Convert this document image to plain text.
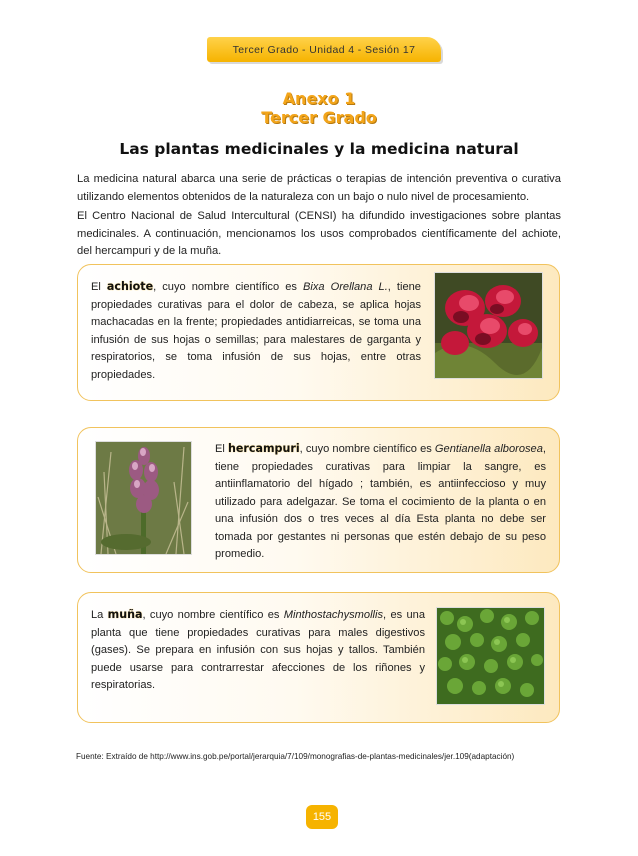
Tercer Grado - Unidad 4 - Sesión 17
Anexo 1
Tercer Grado
Las plantas medicinales y la medicina natural
La medicina natural abarca una serie de prácticas o terapias de intención preventiva o curativa utilizando elementos obtenidos de la naturaleza con un bajo o nulo nivel de procesamiento.
El Centro Nacional de Salud Intercultural (CENSI) ha difundido investigaciones sobre plantas medicinales. A continuación, mencionamos los usos comprobados científicamente del achiote, del hercampuri y de la muña.
El achiote, cuyo nombre científico es Bixa Orellana L., tiene propiedades curativas para el dolor de cabeza, se aplica hojas machacadas en la frente; propiedades antidiarreicas, se toma una infusión de sus hojas o semillas; para malestares de garganta y respiratorios, se toma infusión de sus hojas, entre otras propiedades.
El hercampuri, cuyo nombre científico es Gentianella alborosea, tiene propiedades curativas para limpiar la sangre, es antiinflamatorio del hígado ; también, es antiinfeccioso y muy utilizado para adelgazar. Se toma el cocimiento de la planta o en una infusión dos o tres veces al día Esta planta no debe ser tomada por gestantes ni personas que estén debajo de su peso promedio.
La muña, cuyo nombre científico es Minthostachysmollis, es una planta que tiene propiedades curativas para males digestivos (gases). Se prepara en infusión con sus hojas y tallos. También puede usarse para contrarrestar afecciones de los riñones y respiratorias.
Fuente: Extraído de http://www.ins.gob.pe/portal/jerarquia/7/109/monografias-de-plantas-medicinales/jer.109(adaptación)
155
